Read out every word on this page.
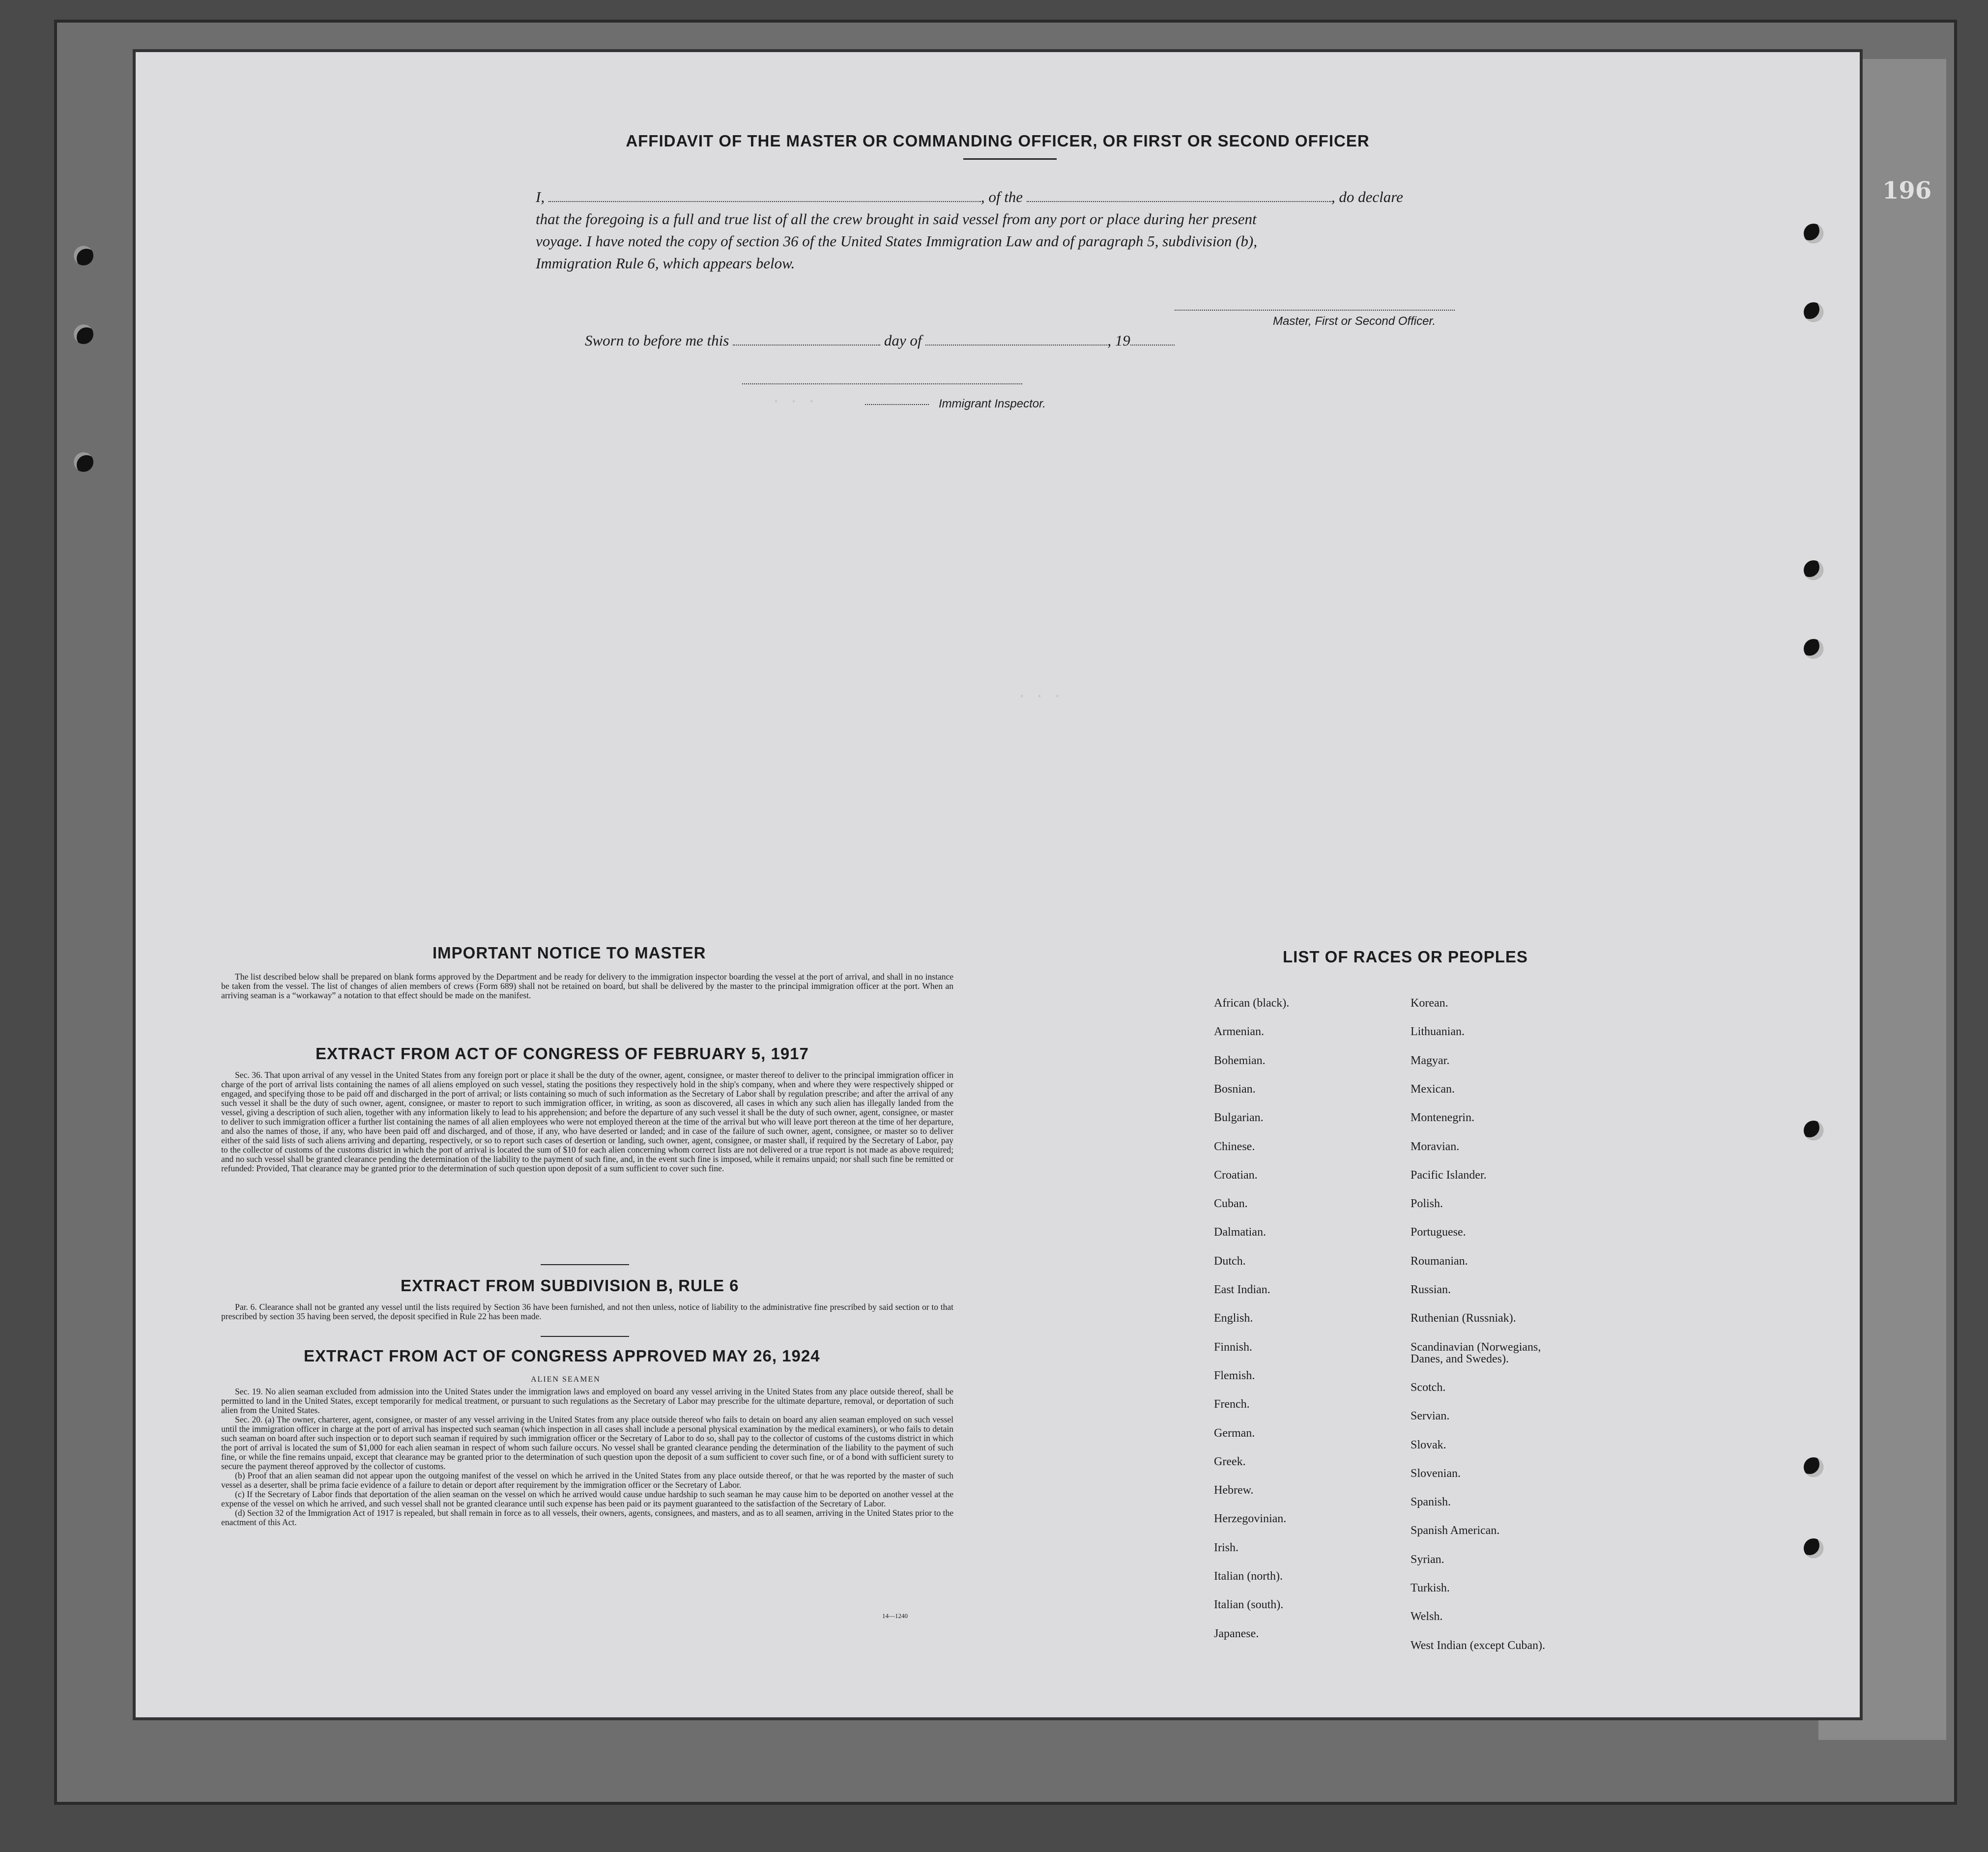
· · ·
· · ·
AFFIDAVIT OF THE MASTER OR COMMANDING OFFICER, OR FIRST OR SECOND OFFICER
I,	, of the	, do declare
that the foregoing is a full and true list of all the crew brought in said vessel from any port or place during her present
voyage. I have noted the copy of section 36 of the United States Immigration Law and of paragraph 5, subdivision (b),
Immigration Rule 6, which appears below.
Master, First or Second Officer.
Sworn to before me this	day of	, 19
Immigrant Inspector.
IMPORTANT NOTICE TO MASTER

The list described below shall be prepared on blank forms approved by the Department and be ready for delivery to the immigration inspector boarding the vessel at the port of arrival, and shall in no instance be taken from the vessel. The list of changes of alien members of crews (Form 689) shall not be retained on board, but shall be delivered by the master to the principal immigration officer at the port. When an arriving seaman is a “workaway” a notation to that effect should be made on the manifest.

EXTRACT FROM ACT OF CONGRESS OF FEBRUARY 5, 1917

Sec. 36. That upon arrival of any vessel in the United States from any foreign port or place it shall be the duty of the owner, agent, consignee, or master thereof to deliver to the principal immigration officer in charge of the port of arrival lists containing the names of all aliens employed on such vessel, stating the positions they respectively hold in the ship's company, when and where they were respectively shipped or engaged, and specifying those to be paid off and discharged in the port of arrival; or lists containing so much of such information as the Secretary of Labor shall by regulation prescribe; and after the arrival of any such vessel it shall be the duty of such owner, agent, consignee, or master to report to such immigration officer, in writing, as soon as discovered, all cases in which any such alien has illegally landed from the vessel, giving a description of such alien, together with any information likely to lead to his apprehension; and before the departure of any such vessel it shall be the duty of such owner, agent, consignee, or master to deliver to such immigration officer a further list containing the names of all alien employees who were not employed thereon at the time of the arrival but who will leave port thereon at the time of her departure, and also the names of those, if any, who have been paid off and discharged, and of those, if any, who have deserted or landed; and in case of the failure of such owner, agent, consignee, or master so to deliver either of the said lists of such aliens arriving and departing, respectively, or so to report such cases of desertion or landing, such owner, agent, consignee, or master shall, if required by the Secretary of Labor, pay to the collector of customs of the customs district in which the port of arrival is located the sum of $10 for each alien concerning whom correct lists are not delivered or a true report is not made as above required; and no such vessel shall be granted clearance pending the determination of the liability to the payment of such fine, and, in the event such fine is imposed, while it remains unpaid; nor shall such fine be remitted or refunded: Provided, That clearance may be granted prior to the determination of such question upon deposit of a sum sufficient to cover such fine.

EXTRACT FROM SUBDIVISION B, RULE 6

Par. 6. Clearance shall not be granted any vessel until the lists required by Section 36 have been furnished, and not then unless, notice of liability to the administrative fine prescribed by said section or to that prescribed by section 35 having been served, the deposit specified in Rule 22 has been made.

EXTRACT FROM ACT OF CONGRESS APPROVED MAY 26, 1924
ALIEN SEAMEN

Sec. 19. No alien seaman excluded from admission into the United States under the immigration laws and employed on board any vessel arriving in the United States from any place outside thereof, shall be permitted to land in the United States, except temporarily for medical treatment, or pursuant to such regulations as the Secretary of Labor may prescribe for the ultimate departure, removal, or deportation of such alien from the United States.

Sec. 20. (a) The owner, charterer, agent, consignee, or master of any vessel arriving in the United States from any place outside thereof who fails to detain on board any alien seaman employed on such vessel until the immigration officer in charge at the port of arrival has inspected such seaman (which inspection in all cases shall include a personal physical examination by the medical examiners), or who fails to detain such seaman on board after such inspection or to deport such seaman if required by such immigration officer or the Secretary of Labor to do so, shall pay to the collector of customs of the customs district in which the port of arrival is located the sum of $1,000 for each alien seaman in respect of whom such failure occurs. No vessel shall be granted clearance pending the determination of the liability to the payment of such fine, or while the fine remains unpaid, except that clearance may be granted prior to the determination of such question upon the deposit of a sum sufficient to cover such fine, or of a bond with sufficient surety to secure the payment thereof approved by the collector of customs.

(b) Proof that an alien seaman did not appear upon the outgoing manifest of the vessel on which he arrived in the United States from any place outside thereof, or that he was reported by the master of such vessel as a deserter, shall be prima facie evidence of a failure to detain or deport after requirement by the immigration officer or the Secretary of Labor.

(c) If the Secretary of Labor finds that deportation of the alien seaman on the vessel on which he arrived would cause undue hardship to such seaman he may cause him to be deported on another vessel at the expense of the vessel on which he arrived, and such vessel shall not be granted clearance until such expense has been paid or its payment guaranteed to the satisfaction of the Secretary of Labor.

(d) Section 32 of the Immigration Act of 1917 is repealed, but shall remain in force as to all vessels, their owners, agents, consignees, and masters, and as to all seamen, arriving in the United States prior to the enactment of this Act.

14—1240
LIST OF RACES OR PEOPLES
African (black).
Armenian.
Bohemian.
Bosnian.
Bulgarian.
Chinese.
Croatian.
Cuban.
Dalmatian.
Dutch.
East Indian.
English.
Finnish.
Flemish.
French.
German.
Greek.
Hebrew.
Herzegovinian.
Irish.
Italian (north).
Italian (south).
Japanese.
Korean.
Lithuanian.
Magyar.
Mexican.
Montenegrin.
Moravian.
Pacific Islander.
Polish.
Portuguese.
Roumanian.
Russian.
Ruthenian (Russniak).
Scandinavian (Norwegians,
Danes, and Swedes).
Scotch.
Servian.
Slovak.
Slovenian.
Spanish.
Spanish American.
Syrian.
Turkish.
Welsh.
West Indian (except Cuban).
196
